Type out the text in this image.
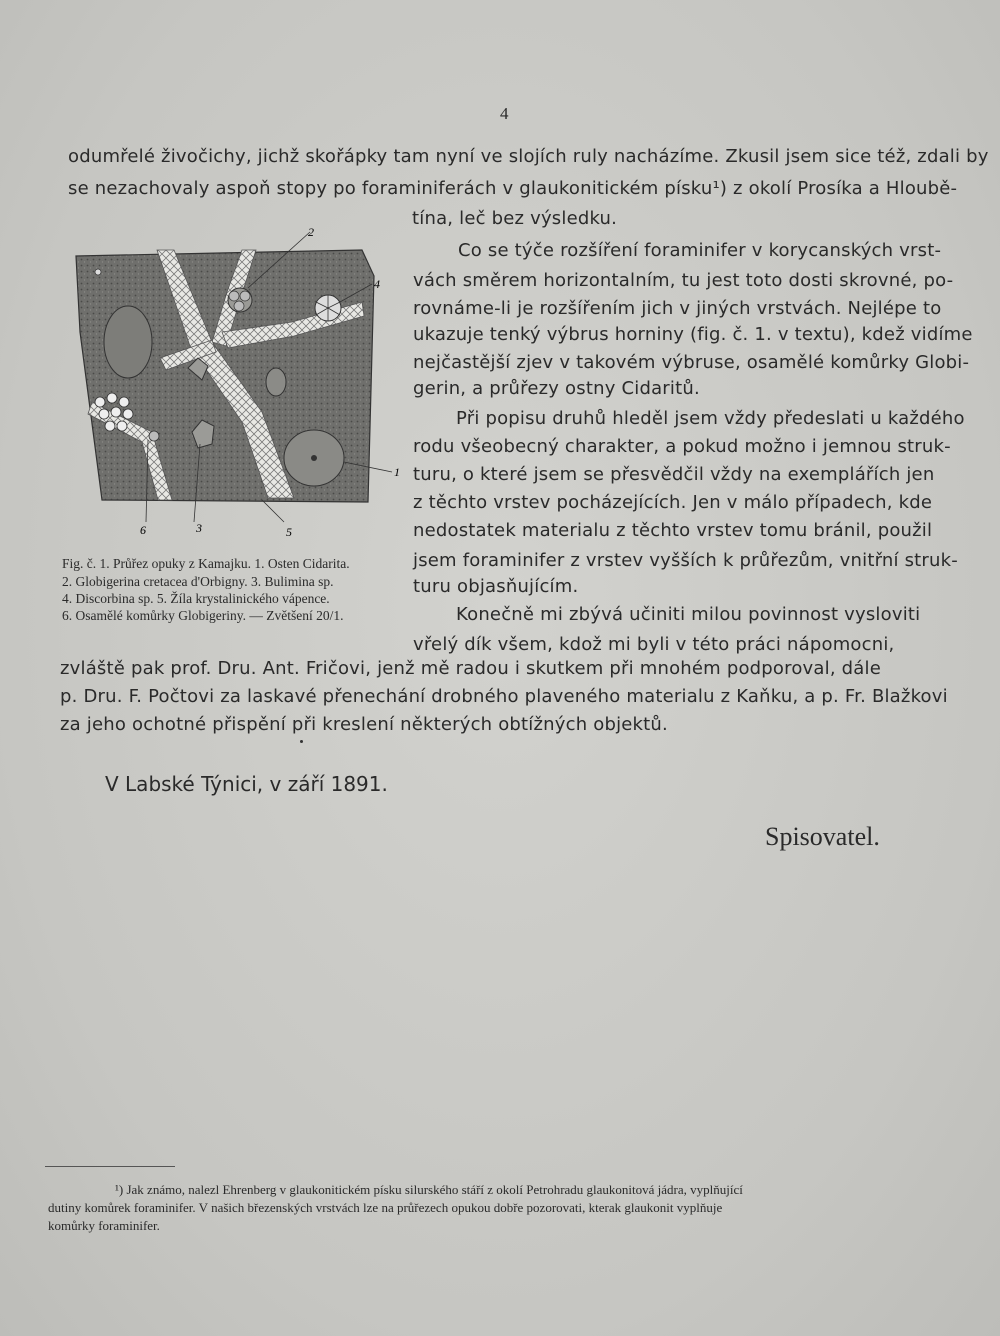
4
odumřelé živočichy, jichž skořápky tam nyní ve slojích ruly nacházíme. Zkusil jsem sice též, zdali by
se nezachovaly aspoň stopy po foraminiferách v glaukonitickém písku¹) z okolí Prosíka a Hloubě-
tína, leč bez výsledku.
Co se týče rozšíření foraminifer v korycanských vrst-
vách směrem horizontalním, tu jest toto dosti skrovné, po-
rovnáme-li je rozšířením jich v jiných vrstvách. Nejlépe to
ukazuje tenký výbrus horniny (fig. č. 1. v textu), kdež vidíme
nejčastější zjev v takovém výbruse, osamělé komůrky Globi-
gerin, a průřezy ostny Cidaritů.
Při popisu druhů hleděl jsem vždy předeslati u každého
rodu všeobecný charakter, a pokud možno i jemnou struk-
turu, o které jsem se přesvědčil vždy na exemplářích jen
z těchto vrstev pocházejících. Jen v málo případech, kde
nedostatek materialu z těchto vrstev tomu bránil, použil
jsem foraminifer z vrstev vyšších k průřezům, vnitřní struk-
turu objasňujícím.
Konečně mi zbývá učiniti milou povinnost vysloviti
vřelý dík všem, kdož mi byli v této práci nápomocni,
zvláště pak prof. Dru. Ant. Fričovi, jenž mě radou i skutkem při mnohém podporoval, dále
p. Dru. F. Počtovi za laskavé přenechání drobného plaveného materialu z Kaňku, a p. Fr. Blažkovi
za jeho ochotné přispění při kreslení některých obtížných objektů.
2
4
1
6	3	5
Fig. č. 1. Průřez opuky z Kamajku. 1. Osten Cidarita.
2. Globigerina cretacea d'Orbigny. 3. Bulimina sp.
4. Discorbina sp. 5. Žíla krystalinického vápence.
6. Osamělé komůrky Globigeriny. — Zvětšení 20/1.
V Labské Týnici, v září 1891.
Spisovatel.
¹) Jak známo, nalezl Ehrenberg v glaukonitickém písku silurského stáří z okolí Petrohradu glaukonitová jádra, vyplňující
dutiny komůrek foraminifer. V našich březenských vrstvách lze na průřezech opukou dobře pozorovati, kterak glaukonit vyplňuje
komůrky foraminifer.
